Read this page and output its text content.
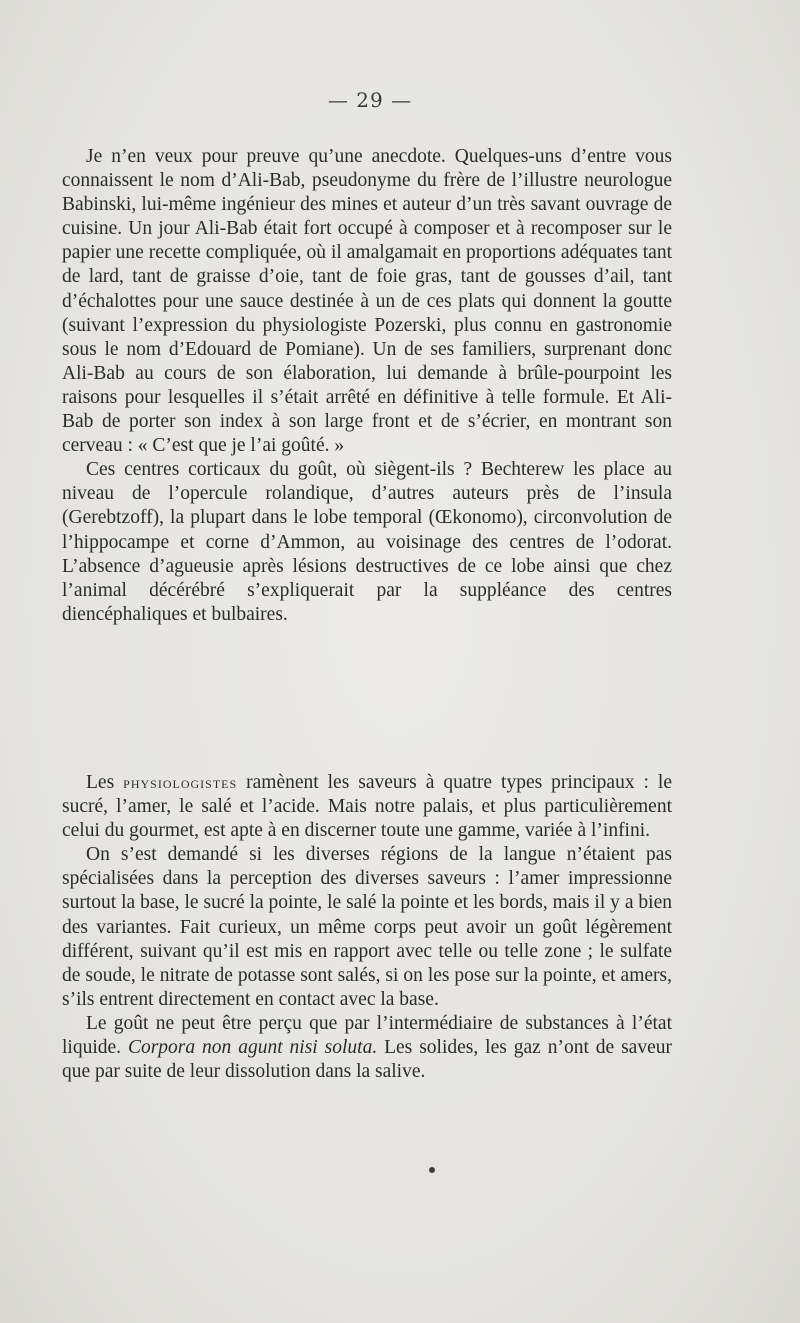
— 29 —

Je n’en veux pour preuve qu’une anecdote. Quelques-uns d’entre vous connaissent le nom d’Ali-Bab, pseudonyme du frère de l’illustre neurologue Babinski, lui-même ingénieur des mines et auteur d’un très savant ouvrage de cuisine. Un jour Ali-Bab était fort occupé à composer et à recomposer sur le papier une recette compliquée, où il amalgamait en proportions adéquates tant de lard, tant de graisse d’oie, tant de foie gras, tant de gousses d’ail, tant d’échalottes pour une sauce destinée à un de ces plats qui donnent la goutte (suivant l’expression du physiologiste Pozerski, plus connu en gastronomie sous le nom d’Edouard de Pomiane). Un de ses familiers, surprenant donc Ali-Bab au cours de son élaboration, lui demande à brûle-pourpoint les raisons pour lesquelles il s’était arrêté en définitive à telle formule. Et Ali-Bab de porter son index à son large front et de s’écrier, en montrant son cerveau : « C’est que je l’ai goûté. »

Ces centres corticaux du goût, où siègent-ils ? Bechterew les place au niveau de l’opercule rolandique, d’autres auteurs près de l’insula (Gerebtzoff), la plupart dans le lobe temporal (Œkonomo), circonvolution de l’hippocampe et corne d’Ammon, au voisinage des centres de l’odorat. L’absence d’agueusie après lésions destructives de ce lobe ainsi que chez l’animal décérébré s’expliquerait par la suppléance des centres diencéphaliques et bulbaires.

Les physiologistes ramènent les saveurs à quatre types principaux : le sucré, l’amer, le salé et l’acide. Mais notre palais, et plus particulièrement celui du gourmet, est apte à en discerner toute une gamme, variée à l’infini.

On s’est demandé si les diverses régions de la langue n’étaient pas spécialisées dans la perception des diverses saveurs : l’amer impressionne surtout la base, le sucré la pointe, le salé la pointe et les bords, mais il y a bien des variantes. Fait curieux, un même corps peut avoir un goût légèrement différent, suivant qu’il est mis en rapport avec telle ou telle zone ; le sulfate de soude, le nitrate de potasse sont salés, si on les pose sur la pointe, et amers, s’ils entrent directement en contact avec la base.

Le goût ne peut être perçu que par l’intermédiaire de substances à l’état liquide. Corpora non agunt nisi soluta. Les solides, les gaz n’ont de saveur que par suite de leur dissolution dans la salive.
